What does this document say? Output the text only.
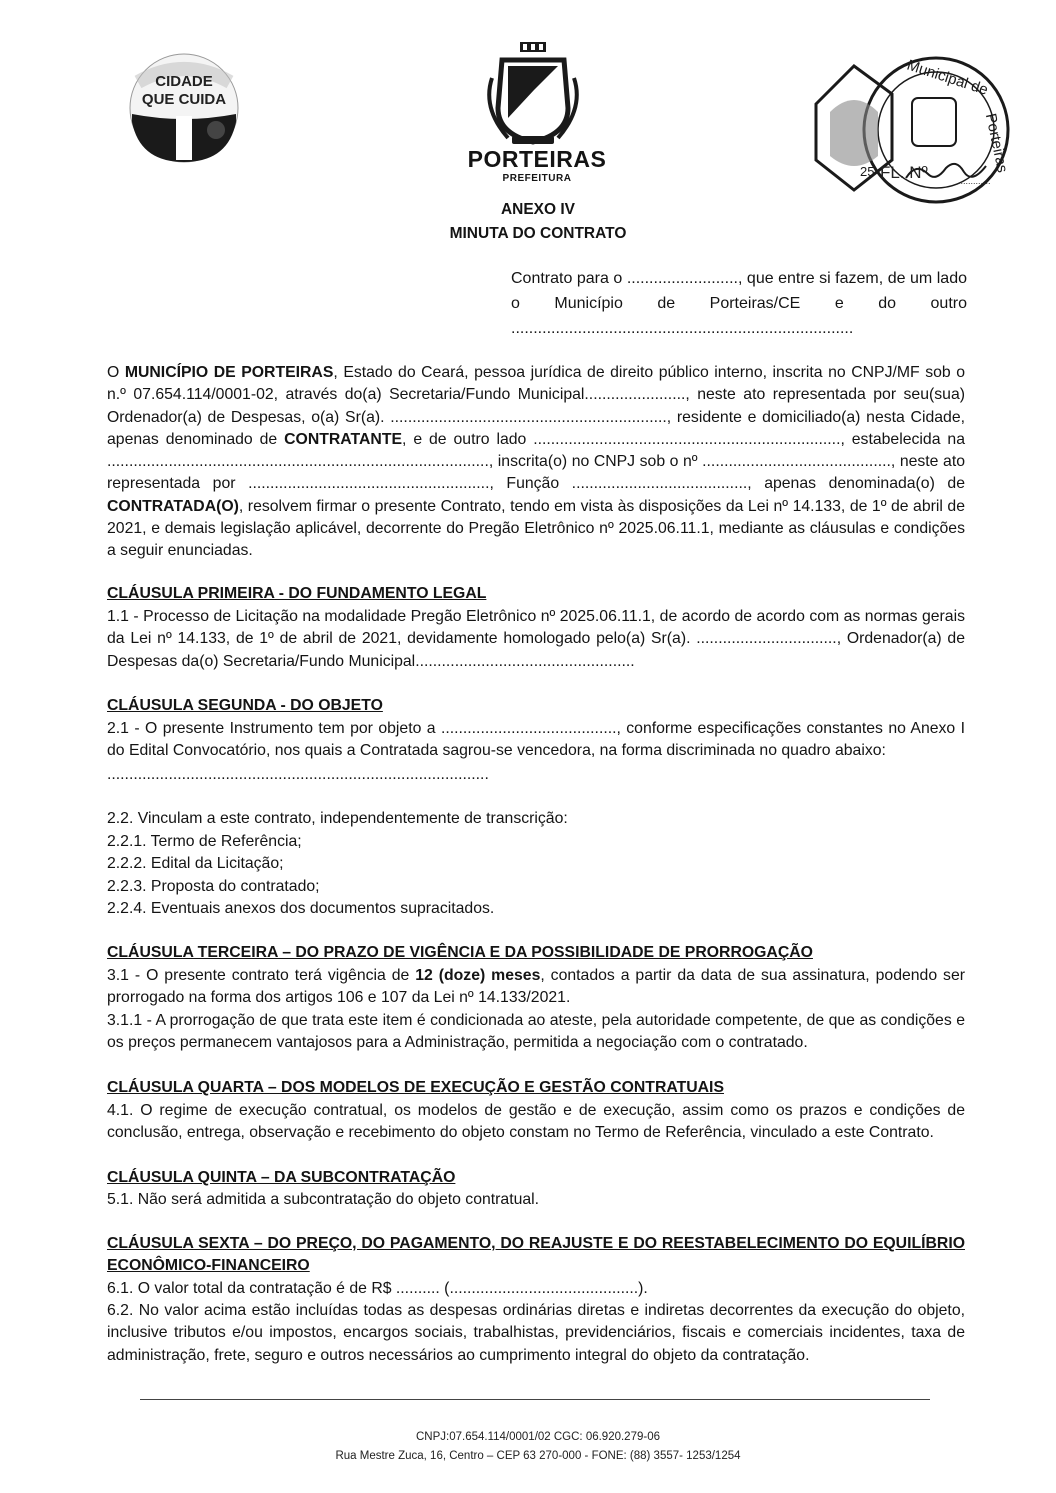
CIDADE
QUE CUIDA
PORTEIRAS
PREFEITURA
Municipal de
Porteiras
25 FL. Nº	.............
ANEXO IV
MINUTA DO CONTRATO
Contrato para o ........................., que entre si fazem, de um lado o Município de Porteiras/CE e do outro .............................................................................

O MUNICÍPIO DE PORTEIRAS, Estado do Ceará, pessoa jurídica de direito público interno, inscrita no CNPJ/MF sob o n.º 07.654.114/0001-02, através do(a) Secretaria/Fundo Municipal......................., neste ato representada por seu(sua) Ordenador(a) de Despesas, o(a) Sr(a). ..............................................................., residente e domiciliado(a) nesta Cidade, apenas denominado de CONTRATANTE, e de outro lado ......................................................................, estabelecida na ......................................................................................., inscrita(o) no CNPJ sob o nº ..........................................., neste ato representada por ......................................................., Função ........................................, apenas denominada(o) de CONTRATADA(O), resolvem firmar o presente Contrato, tendo em vista às disposições da Lei nº 14.133, de 1º de abril de 2021, e demais legislação aplicável, decorrente do Pregão Eletrônico nº 2025.06.11.1, mediante as cláusulas e condições a seguir enunciadas.

CLÁUSULA PRIMEIRA - DO FUNDAMENTO LEGAL
1.1 - Processo de Licitação na modalidade Pregão Eletrônico nº 2025.06.11.1, de acordo de acordo com as normas gerais da Lei nº 14.133, de 1º de abril de 2021, devidamente homologado pelo(a) Sr(a). ................................, Ordenador(a) de Despesas da(o) Secretaria/Fundo Municipal..................................................
CLÁUSULA SEGUNDA - DO OBJETO
2.1 - O presente Instrumento tem por objeto a ........................................, conforme especificações constantes no Anexo I do Edital Convocatório, nos quais a Contratada sagrou-se vencedora, na forma discriminada no quadro abaixo:
.......................................................................................
2.2. Vinculam a este contrato, independentemente de transcrição:
2.2.1. Termo de Referência;
2.2.2. Edital da Licitação;
2.2.3. Proposta do contratado;
2.2.4. Eventuais anexos dos documentos supracitados.
CLÁUSULA TERCEIRA – DO PRAZO DE VIGÊNCIA E DA POSSIBILIDADE DE PRORROGAÇÃO

3.1 - O presente contrato terá vigência de 12 (doze) meses, contados a partir da data de sua assinatura, podendo ser prorrogado na forma dos artigos 106 e 107 da Lei nº 14.133/2021.

3.1.1 - A prorrogação de que trata este item é condicionada ao ateste, pela autoridade competente, de que as condições e os preços permanecem vantajosos para a Administração, permitida a negociação com o contratado.
CLÁUSULA QUARTA – DOS MODELOS DE EXECUÇÃO E GESTÃO CONTRATUAIS
4.1. O regime de execução contratual, os modelos de gestão e de execução, assim como os prazos e condições de conclusão, entrega, observação e recebimento do objeto constam no Termo de Referência, vinculado a este Contrato.
CLÁUSULA QUINTA – DA SUBCONTRATAÇÃO
5.1. Não será admitida a subcontratação do objeto contratual.
CLÁUSULA SEXTA – DO PREÇO, DO PAGAMENTO, DO REAJUSTE E DO REESTABELECIMENTO DO EQUILÍBRIO ECONÔMICO-FINANCEIRO
6.1. O valor total da contratação é de R$ .......... (...........................................).
6.2. No valor acima estão incluídas todas as despesas ordinárias diretas e indiretas decorrentes da execução do objeto, inclusive tributos e/ou impostos, encargos sociais, trabalhistas, previdenciários, fiscais e comerciais incidentes, taxa de administração, frete, seguro e outros necessários ao cumprimento integral do objeto da contratação.
CNPJ:07.654.114/0001/02 CGC: 06.920.279-06
Rua Mestre Zuca, 16, Centro – CEP 63 270-000 - FONE: (88) 3557- 1253/1254
